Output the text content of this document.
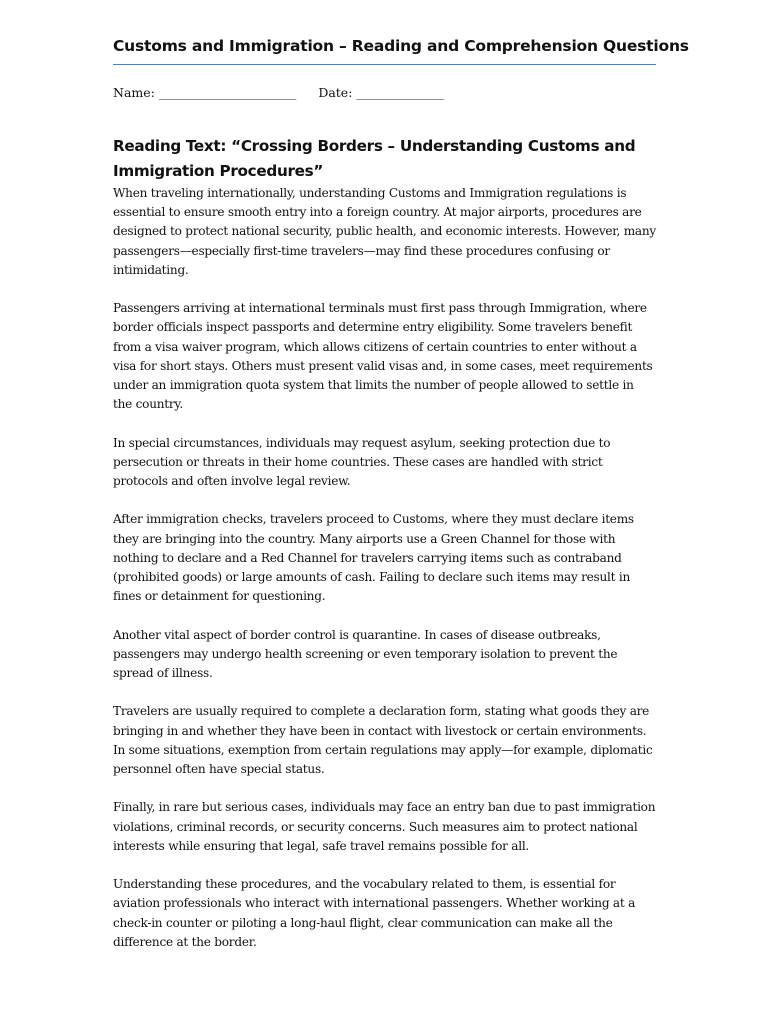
Customs and Immigration – Reading and Comprehension Questions
Name: ______________________ Date: ______________
Reading Text: “Crossing Borders – Understanding Customs and Immigration Procedures”

When traveling internationally, understanding Customs and Immigration regulations is essential to ensure smooth entry into a foreign country. At major airports, procedures are designed to protect national security, public health, and economic interests. However, many passengers—especially first-time travelers—may find these procedures confusing or intimidating.

Passengers arriving at international terminals must first pass through Immigration, where border officials inspect passports and determine entry eligibility. Some travelers benefit from a visa waiver program, which allows citizens of certain countries to enter without a visa for short stays. Others must present valid visas and, in some cases, meet requirements under an immigration quota system that limits the number of people allowed to settle in the country.

In special circumstances, individuals may request asylum, seeking protection due to persecution or threats in their home countries. These cases are handled with strict protocols and often involve legal review.

After immigration checks, travelers proceed to Customs, where they must declare items they are bringing into the country. Many airports use a Green Channel for those with nothing to declare and a Red Channel for travelers carrying items such as contraband (prohibited goods) or large amounts of cash. Failing to declare such items may result in fines or detainment for questioning.

Another vital aspect of border control is quarantine. In cases of disease outbreaks, passengers may undergo health screening or even temporary isolation to prevent the spread of illness.

Travelers are usually required to complete a declaration form, stating what goods they are bringing in and whether they have been in contact with livestock or certain environments. In some situations, exemption from certain regulations may apply—for example, diplomatic personnel often have special status.

Finally, in rare but serious cases, individuals may face an entry ban due to past immigration violations, criminal records, or security concerns. Such measures aim to protect national interests while ensuring that legal, safe travel remains possible for all.

Understanding these procedures, and the vocabulary related to them, is essential for aviation professionals who interact with international passengers. Whether working at a check-in counter or piloting a long-haul flight, clear communication can make all the difference at the border.
